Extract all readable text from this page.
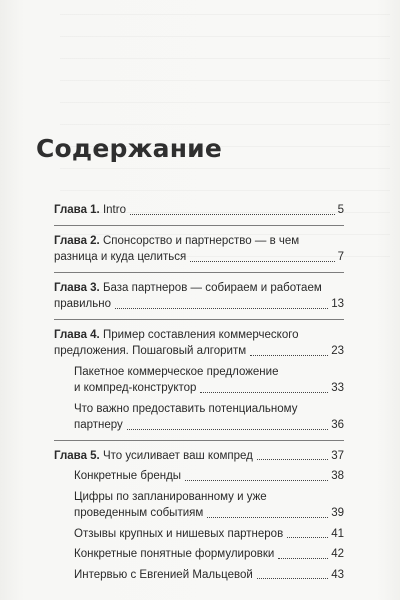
Содержание
Глава 1. Intro	5
Глава 2. Спонсорство и партнерство — в чем
разница и куда целиться	7
Глава 3. База партнеров — собираем и работаем
правильно	13
Глава 4. Пример составления коммерческого
предложения. Пошаговый алгоритм	23
Пакетное коммерческое предложение
и компред-конструктор	33
Что важно предоставить потенциальному
партнеру	36
Глава 5. Что усиливает ваш компред	37
Конкретные бренды	38
Цифры по запланированному и уже
проведенным событиям	39
Отзывы крупных и нишевых партнеров	41
Конкретные понятные формулировки	42
Интервью с Евгенией Мальцевой	43
